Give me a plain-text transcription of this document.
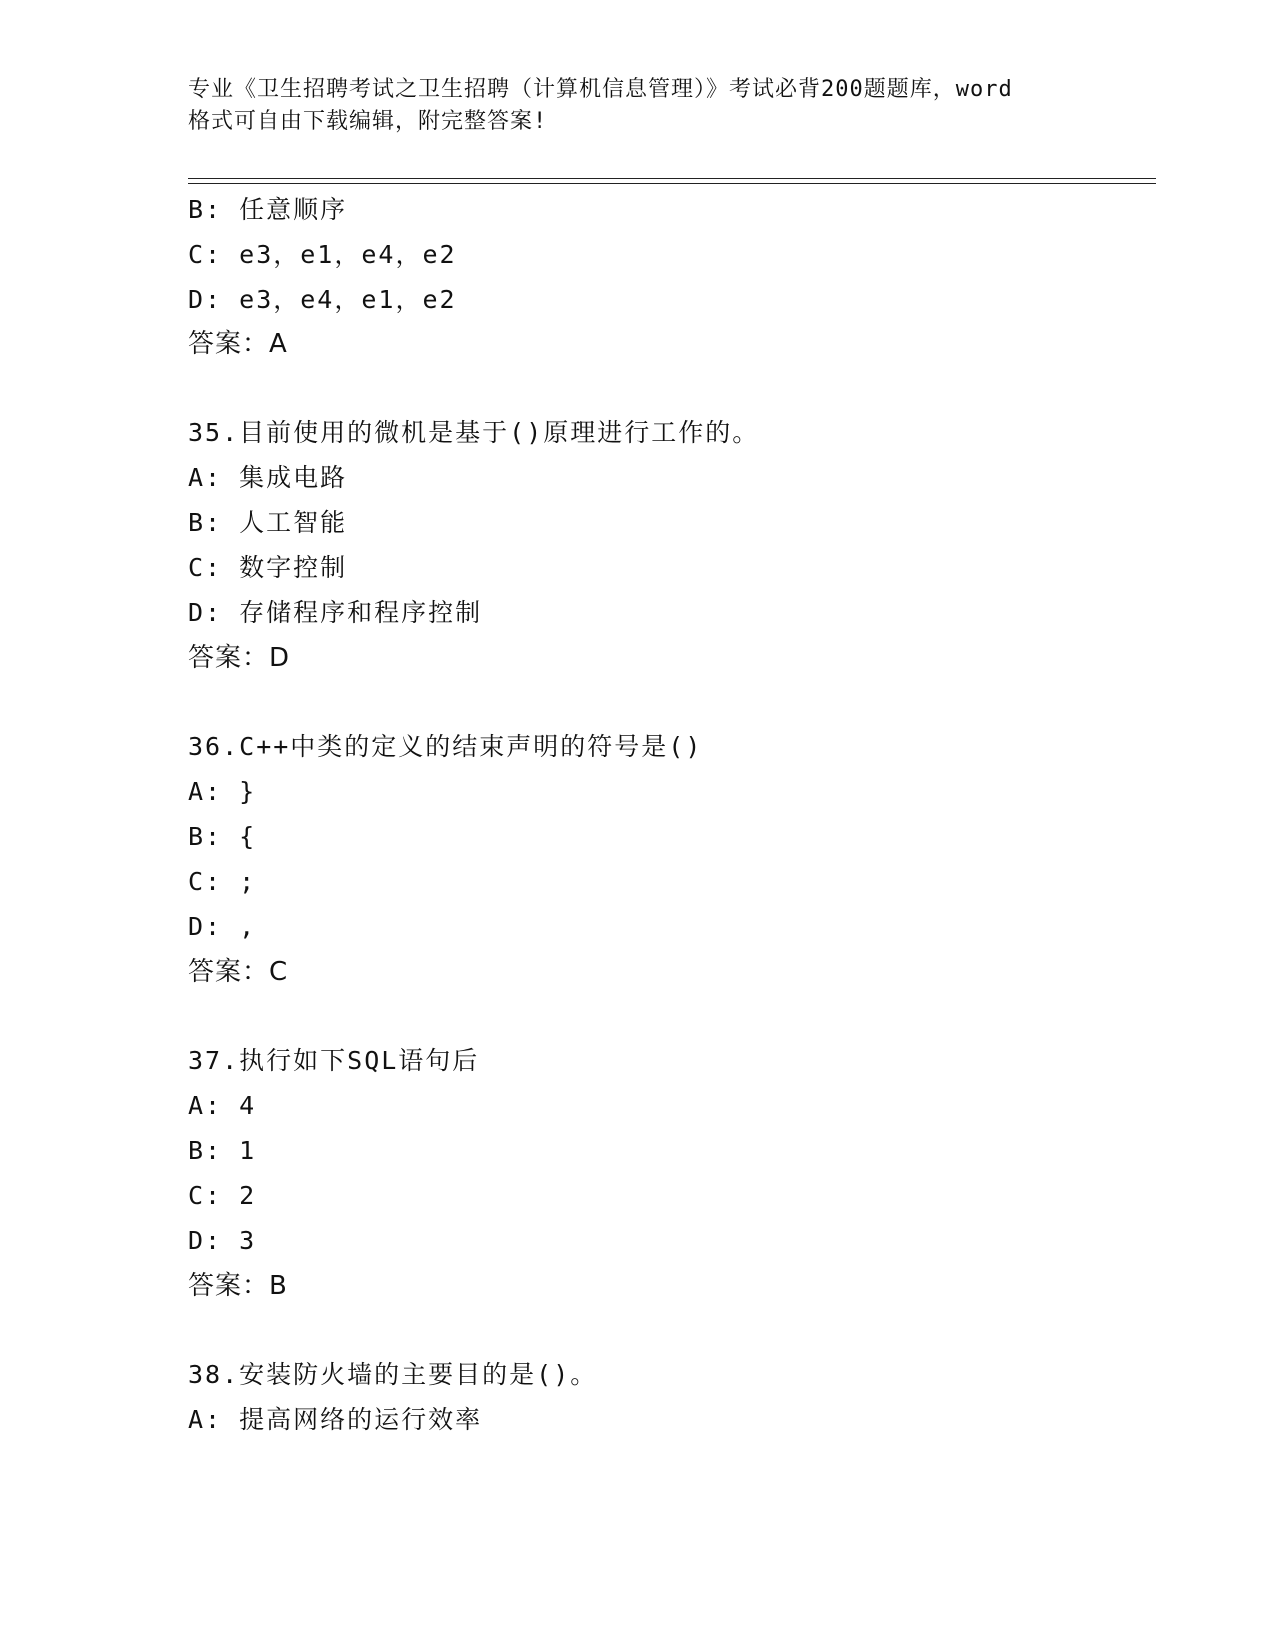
专业《卫生招聘考试之卫生招聘（计算机信息管理）》考试必背200题题库，word
格式可自由下载编辑，附完整答案!
B: 任意顺序
C: e3，e1，e4，e2
D: e3，e4，e1，e2
答案：A
35.目前使用的微机是基于()原理进行工作的。
A: 集成电路
B: 人工智能
C: 数字控制
D: 存储程序和程序控制
答案：D
36.C++中类的定义的结束声明的符号是()
A: }
B: {
C: ;
D: ,
答案：C
37.执行如下SQL语句后
A: 4
B: 1
C: 2
D: 3
答案：B
38.安装防火墙的主要目的是()。
A: 提高网络的运行效率
